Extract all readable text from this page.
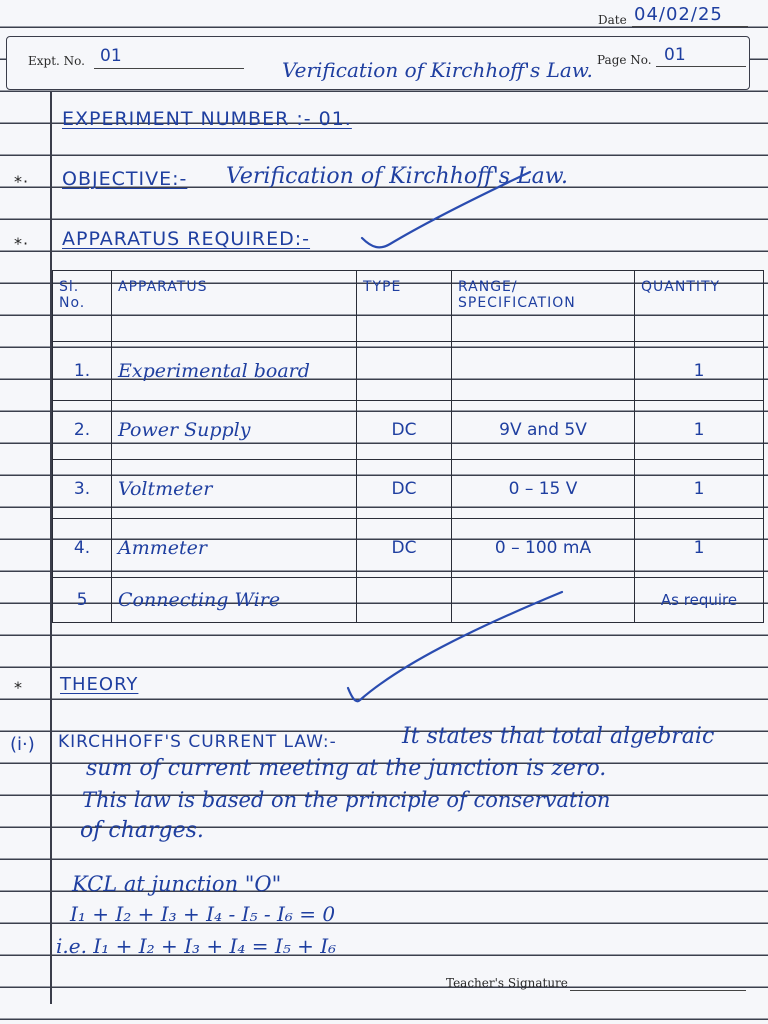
Date 04/02/25
Expt. No. 01
Verification of Kirchhoff's Law. Page No. 01
EXPERIMENT NUMBER :- 01.
*· OBJECTIVE:- Verification of Kirchhoff's Law.
*· APPARATUS REQUIRED:-
Sl. No.	APPARATUS	TYPE	RANGE/ SPECIFICATION	QUANTITY
1.	Experimental board			1
2.	Power Supply	DC	9V and 5V	1
3.	Voltmeter	DC	0 – 15 V	1
4.	Ammeter	DC	0 – 100 mA	1
5	Connecting Wire			As require
* THEORY
(i·) KIRCHHOFF'S CURRENT LAW:-	It states that total algebraic
sum of current meeting at the junction is zero.
This law is based on the principle of conservation
of charges.
KCL at junction "O"
I₁ + I₂ + I₃ + I₄ - I₅ - I₆ = 0
i.e. I₁ + I₂ + I₃ + I₄ = I₅ + I₆
Teacher's Signature
